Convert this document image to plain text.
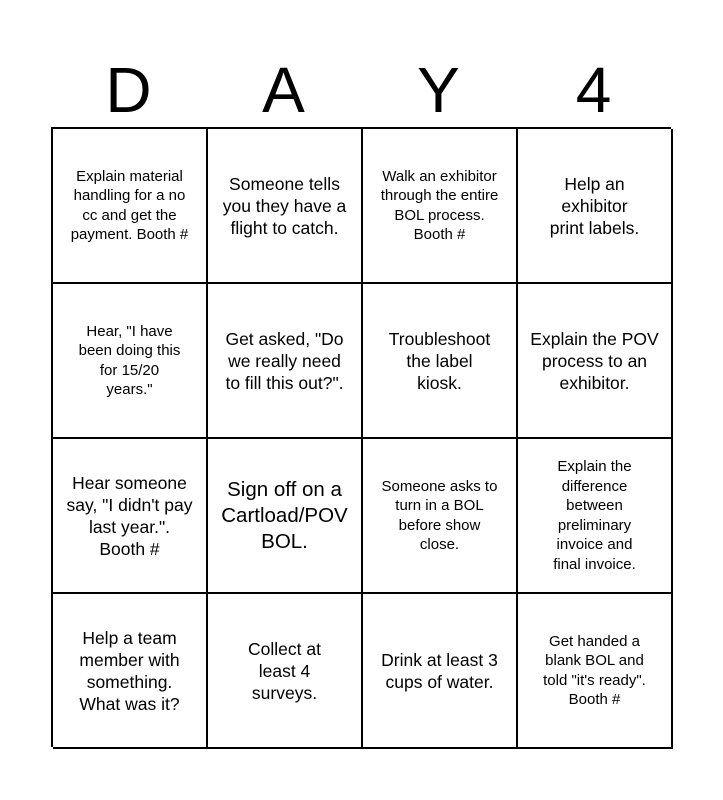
D	A	Y	4
Explain material handling for a no cc and get the payment. Booth #
Someone tells you they have a flight to catch.
Walk an exhibitor through the entire BOL process. Booth #
Help an exhibitor print labels.
Hear, "I have been doing this for 15/20 years."
Get asked, "Do we really need to fill this out?".
Troubleshoot the label kiosk.
Explain the POV process to an exhibitor.
Hear someone say, "I didn't pay last year.". Booth #
Sign off on a Cartload/POV BOL.
Someone asks to turn in a BOL before show close.
Explain the difference between preliminary invoice and final invoice.
Help a team member with something. What was it?
Collect at least 4 surveys.
Drink at least 3 cups of water.
Get handed a blank BOL and told "it's ready". Booth #
